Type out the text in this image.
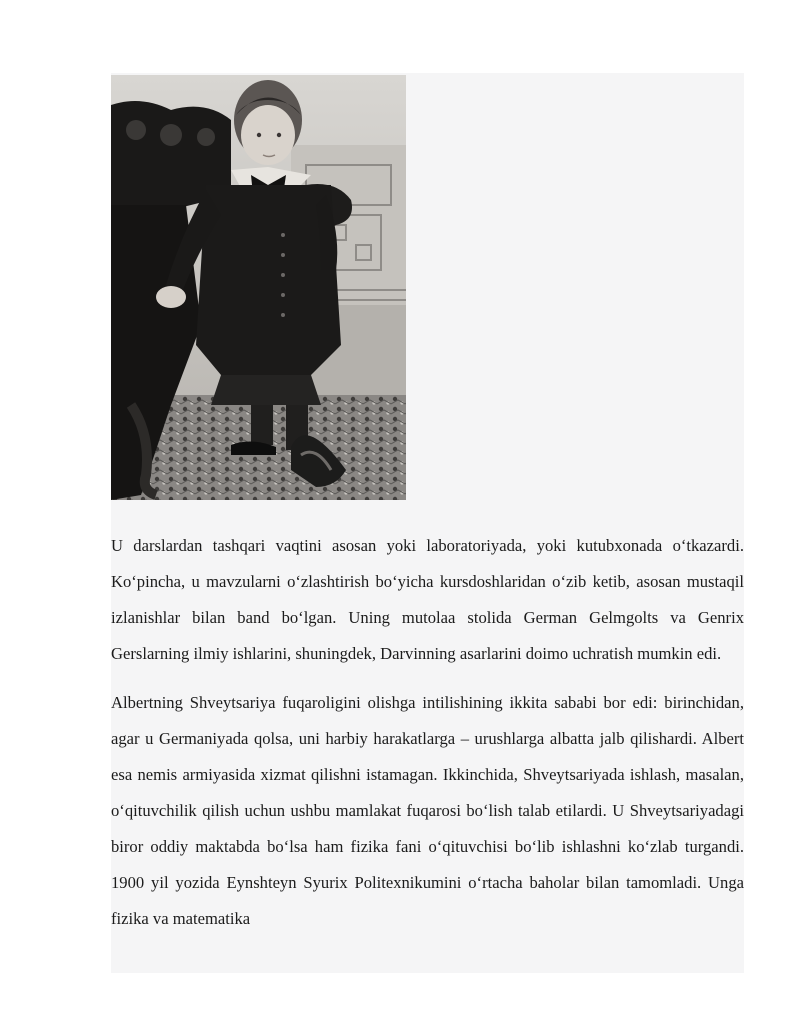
U darslardan tashqari vaqtini asosan yoki laboratoriyada, yoki kutubxonada o‘tkazardi. Ko‘pincha, u mavzularni o‘zlashtirish bo‘yicha kursdoshlaridan o‘zib ketib, asosan mustaqil izlanishlar bilan band bo‘lgan. Uning mutolaa stolida German Gelmgolts va Genrix Gerslarning ilmiy ishlarini, shuningdek, Darvinning asarlarini doimo uchratish mumkin edi.

Albertning Shveytsariya fuqaroligini olishga intilishining ikkita sababi bor edi: birinchidan, agar u Germaniyada qolsa, uni harbiy harakatlarga – urushlarga albatta jalb qilishardi. Albert esa nemis armiyasida xizmat qilishni istamagan. Ikkinchida, Shveytsariyada ishlash, masalan, o‘qituvchilik qilish uchun ushbu mamlakat fuqarosi bo‘lish talab etilardi. U Shveytsariyadagi biror oddiy maktabda bo‘lsa ham fizika fani o‘qituvchisi bo‘lib ishlashni ko‘zlab turgandi. 1900 yil yozida Eynshteyn Syurix Politexnikumini o‘rtacha baholar bilan tamomladi. Unga fizika va matematika
